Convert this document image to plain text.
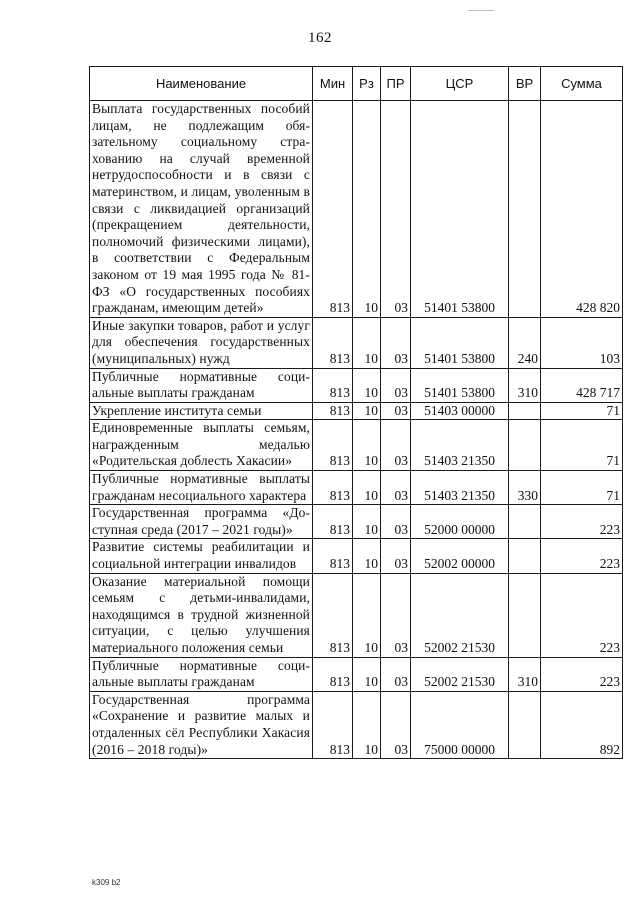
162
Наименование	Мин	Рз	ПР	ЦСР	ВР	Сумма
Выплата государственных пособий лицам, не подлежащим обязательному социальному страхованию на случай временной нетрудоспособности и в связи с материнством, и лицам, уволенным в связи с ликвидацией организаций (прекращением деятельности, полномочий физическими лицами), в соответствии с Федеральным законом от 19 мая 1995 года № 81-ФЗ «О государственных пособиях гражданам, имеющим детей»	813	10	03	51401 53800		428 820
Иные закупки товаров, работ и услуг для обеспечения государственных (муниципальных) нужд	813	10	03	51401 53800	240	103
Публичные нормативные социальные выплаты гражданам	813	10	03	51401 53800	310	428 717
Укрепление института семьи	813	10	03	51403 00000		71
Единовременные выплаты семьям, награжденным медалью «Родительская доблесть Хакасии»	813	10	03	51403 21350		71
Публичные нормативные выплаты гражданам несоциального характера	813	10	03	51403 21350	330	71
Государственная программа «Доступная среда (2017 – 2021 годы)»	813	10	03	52000 00000		223
Развитие системы реабилитации и социальной интеграции инвалидов	813	10	03	52002 00000		223
Оказание материальной помощи семьям с детьми-инвалидами, находящимся в трудной жизненной ситуации, с целью улучшения материального положения семьи	813	10	03	52002 21530		223
Публичные нормативные социальные выплаты гражданам	813	10	03	52002 21530	310	223
Государственная программа «Сохранение и развитие малых и отдаленных сёл Республики Хакасия (2016 – 2018 годы)»	813	10	03	75000 00000		892
k309 b2
